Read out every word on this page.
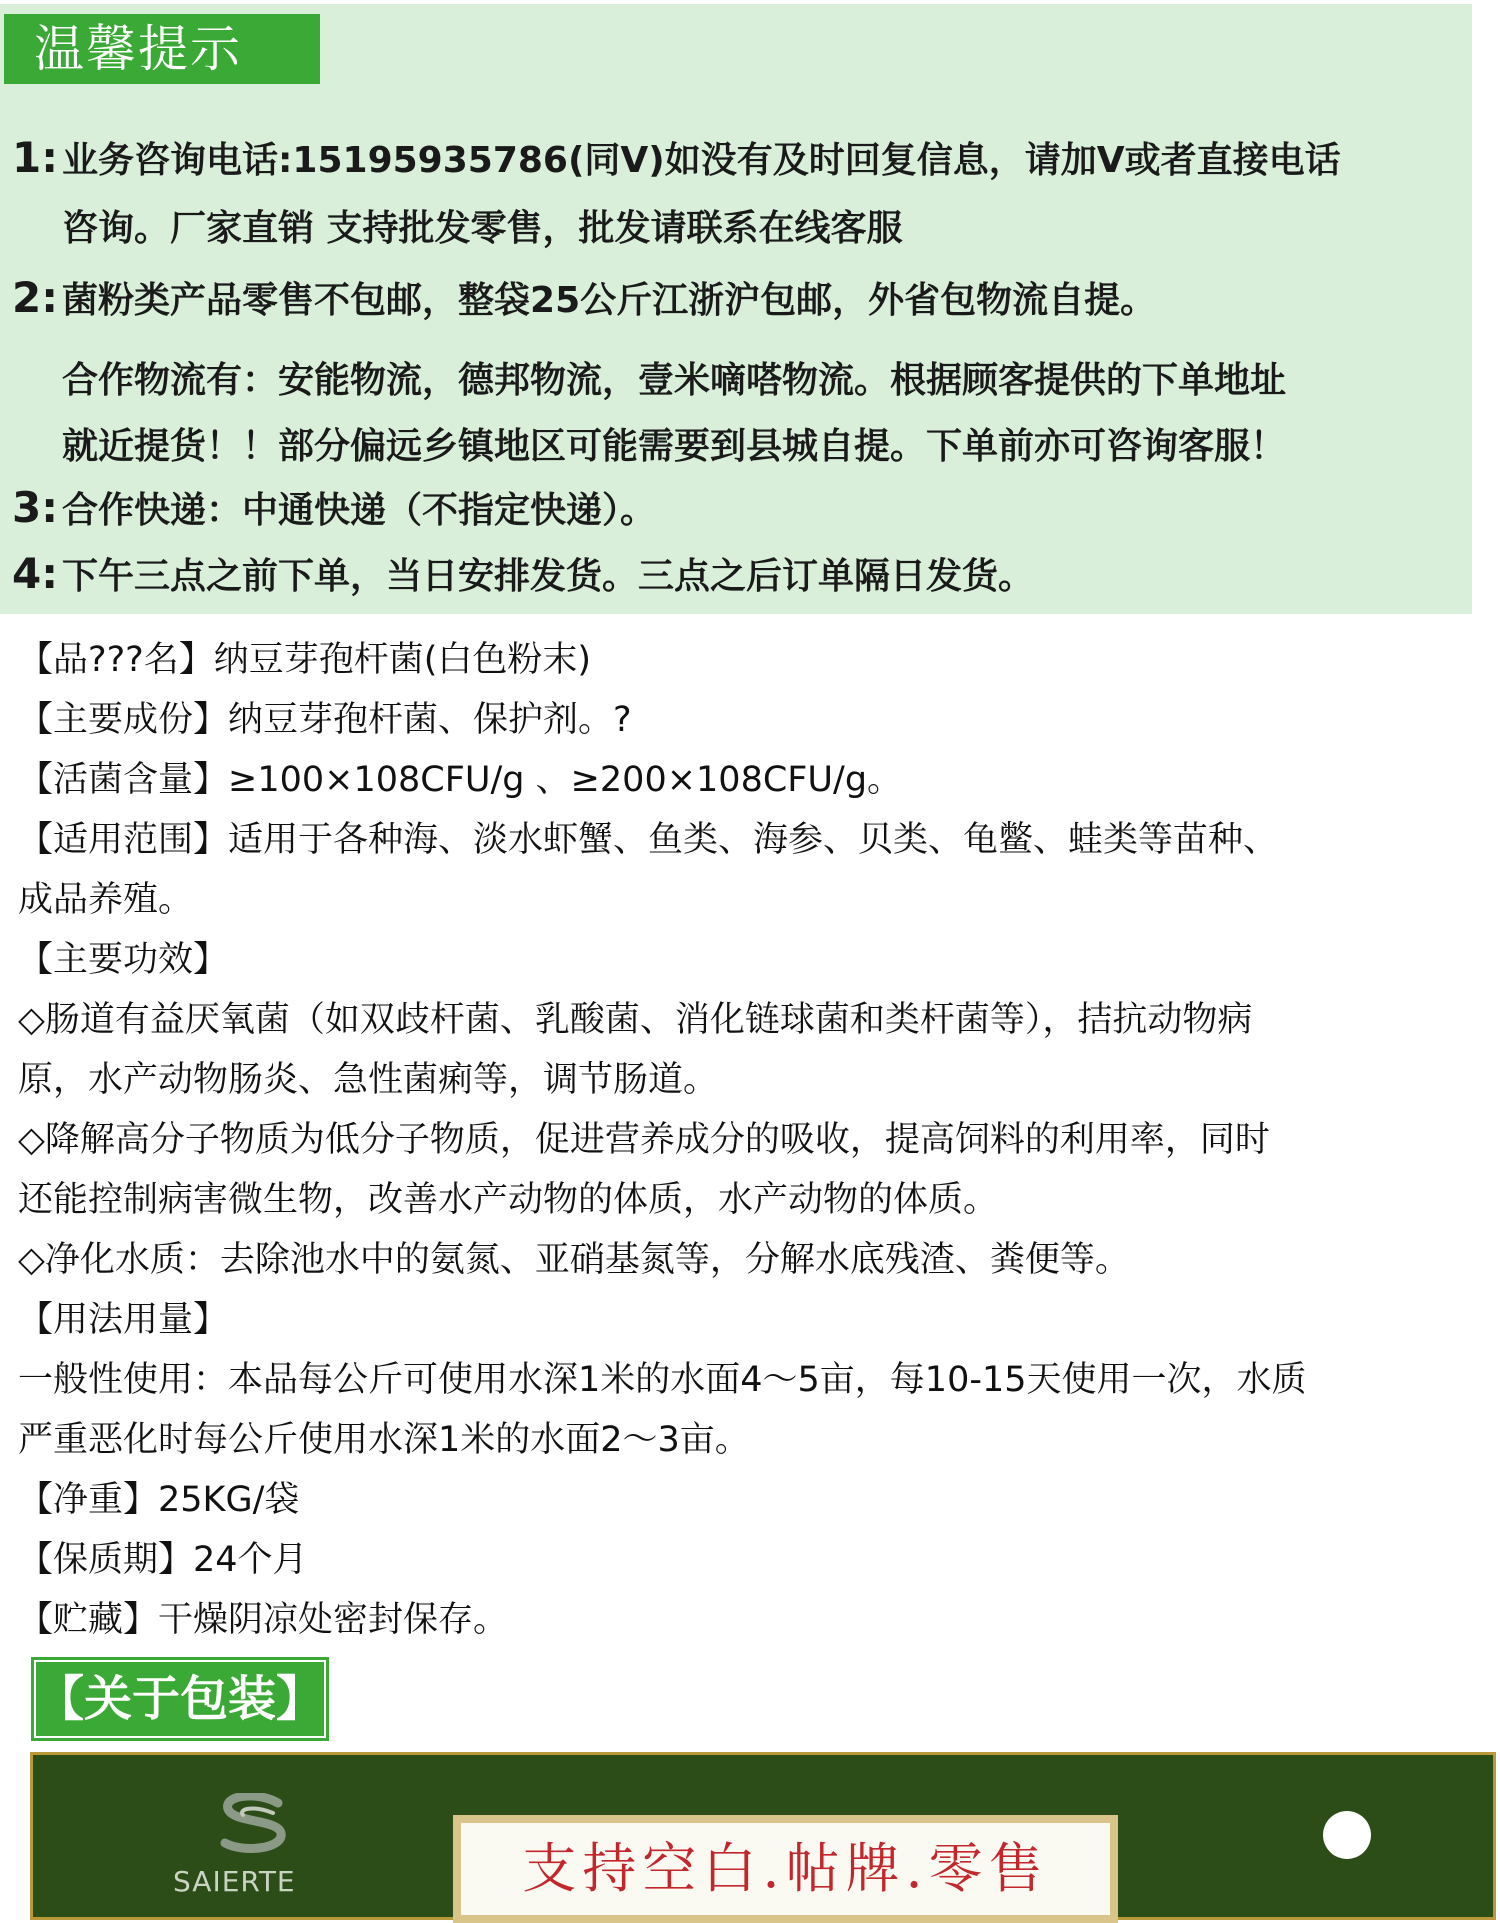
温馨提示
1: 业务咨询电话:15195935786(同V)如没有及时回复信息，请加V或者直接电话
咨询。厂家直销 支持批发零售，批发请联系在线客服
2: 菌粉类产品零售不包邮，整袋25公斤江浙沪包邮，外省包物流自提。
合作物流有：安能物流，德邦物流，壹米嘀嗒物流。根据顾客提供的下单地址
就近提货！！部分偏远乡镇地区可能需要到县城自提。下单前亦可咨询客服！
3: 合作快递：中通快递（不指定快递）。
4: 下午三点之前下单，当日安排发货。三点之后订单隔日发货。
【品???名】纳豆芽孢杆菌(白色粉末)
【主要成份】纳豆芽孢杆菌、保护剂。?
【活菌含量】≥100×108CFU/g 、≥200×108CFU/g。
【适用范围】适用于各种海、淡水虾蟹、鱼类、海参、贝类、龟鳖、蛙类等苗种、
成品养殖。
【主要功效】
◇肠道有益厌氧菌（如双歧杆菌、乳酸菌、消化链球菌和类杆菌等），拮抗动物病
原，水产动物肠炎、急性菌痢等，调节肠道。
◇降解高分子物质为低分子物质，促进营养成分的吸收，提高饲料的利用率，同时
还能控制病害微生物，改善水产动物的体质，水产动物的体质。
◇净化水质：去除池水中的氨氮、亚硝基氮等，分解水底残渣、粪便等。
【用法用量】
一般性使用：本品每公斤可使用水深1米的水面4～5亩，每10-15天使用一次，水质
严重恶化时每公斤使用水深1米的水面2～3亩。
【净重】25KG/袋
【保质期】24个月
【贮藏】干燥阴凉处密封保存。
【关于包装】
SAIERTE	支持空白.帖牌.零售
